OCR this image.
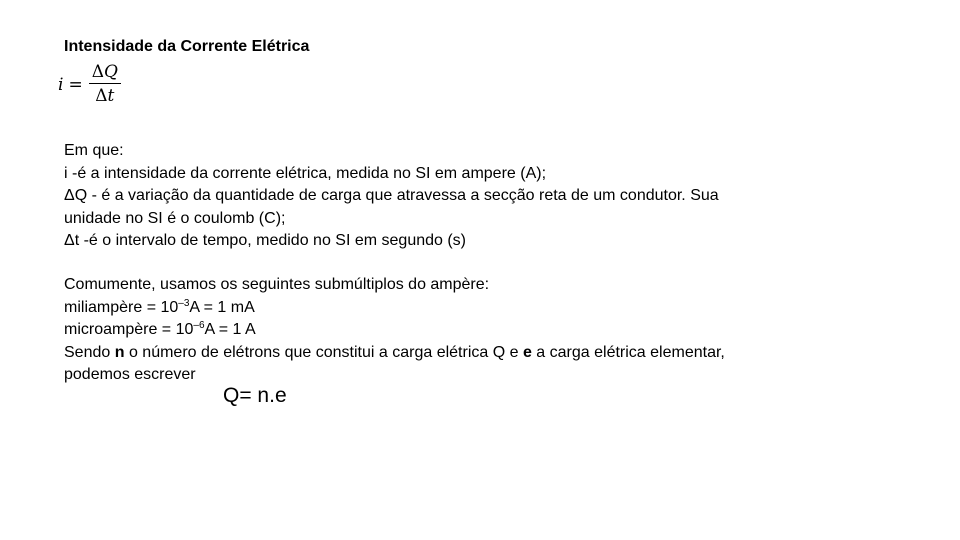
Intensidade da Corrente Elétrica
$i = \frac{\Delta Q}{\Delta t}$
Em que:
i -é a intensidade da corrente elétrica, medida no SI em ampere (A);
ΔQ - é a variação da quantidade de carga que atravessa a secção reta de um condutor. Sua
unidade no SI é o coulomb (C);
Δt -é o intervalo de tempo, medido no SI em segundo (s)
Comumente, usamos os seguintes submúltiplos do ampère:
miliampère = $10^{-3}A = 1$ mA
microampère = $10^{-6}A = 1$ A
Sendo n o número de elétrons que constitui a carga elétrica Q e e a carga elétrica elementar,
podemos escrever
Q= n.e
